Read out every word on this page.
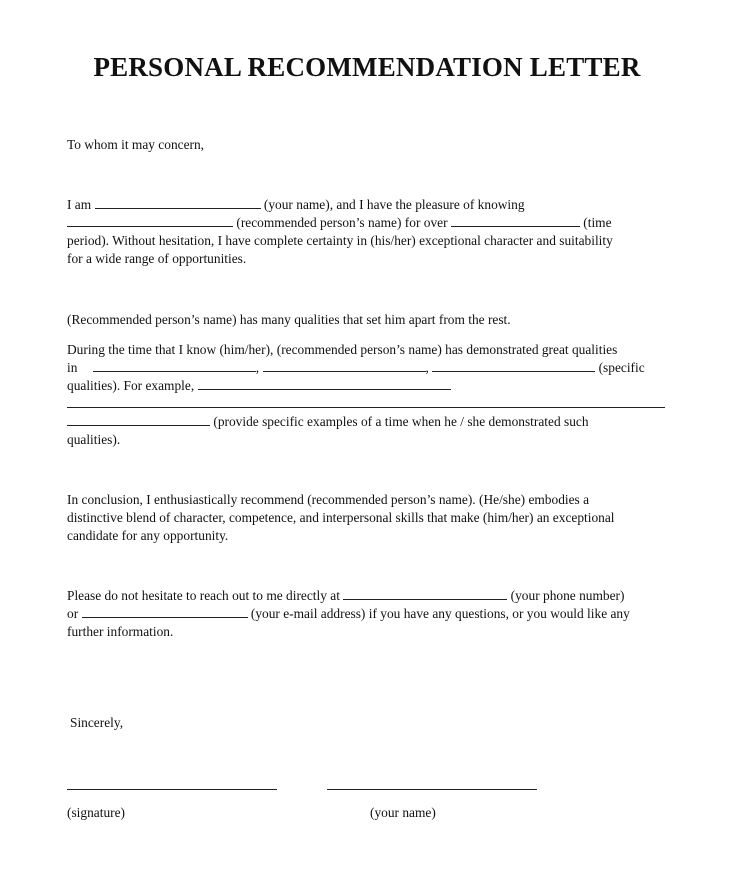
PERSONAL RECOMMENDATION LETTER
To whom it may concern,
I am	(your name), and I have the pleasure of knowing
(recommended person’s name) for over	(time
period). Without hesitation, I have complete certainty in (his/her) exceptional character and suitability
for a wide range of opportunities.
(Recommended person’s name) has many qualities that set him apart from the rest.
During the time that I know (him/her), (recommended person’s name) has demonstrated great qualities
in	,	,	(specific
qualities). For example,
(provide specific examples of a time when he / she demonstrated such
qualities).
In conclusion, I enthusiastically recommend (recommended person’s name). (He/she) embodies a
distinctive blend of character, competence, and interpersonal skills that make (him/her) an exceptional
candidate for any opportunity.
Please do not hesitate to reach out to me directly at	(your phone number)
or	(your e-mail address) if you have any questions, or you would like any
further information.
Sincerely,
(signature)	(your name)
